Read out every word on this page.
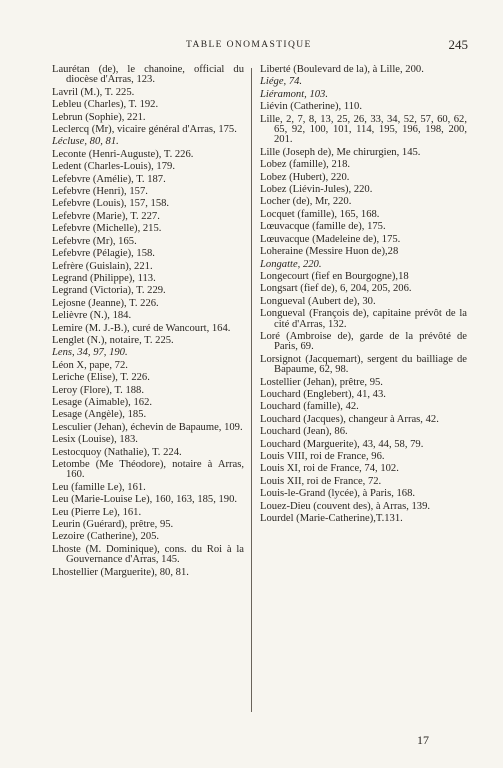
TABLE ONOMASTIQUE	245

Laurétan (de), le chanoine, official du diocèse d'Arras, 123.

Lavril (M.), T. 225.

Lebleu (Charles), T. 192.

Lebrun (Sophie), 221.

Leclercq (Mr), vicaire général d'Arras, 175.

Lécluse, 80, 81.

Leconte (Henri-Auguste), T. 226.

Ledent (Charles-Louis), 179.

Lefebvre (Amélie), T. 187.

Lefebvre (Henri), 157.

Lefebvre (Louis), 157, 158.

Lefebvre (Marie), T. 227.

Lefebvre (Michelle), 215.

Lefebvre (Mr), 165.

Lefebvre (Pélagie), 158.

Lefrère (Guislain), 221.

Legrand (Philippe), 113.

Legrand (Victoria), T. 229.

Lejosne (Jeanne), T. 226.

Lelièvre (N.), 184.

Lemire (M. J.-B.), curé de Wancourt, 164.

Lenglet (N.), notaire, T. 225.

Lens, 34, 97, 190.

Léon X, pape, 72.

Leriche (Elise), T. 226.

Leroy (Flore), T. 188.

Lesage (Aimable), 162.

Lesage (Angèle), 185.

Lesculier (Jehan), échevin de Bapaume, 109.

Lesix (Louise), 183.

Lestocquoy (Nathalie), T. 224.

Letombe (Me Théodore), notaire à Arras, 160.

Leu (famille Le), 161.

Leu (Marie-Louise Le), 160, 163, 185, 190.

Leu (Pierre Le), 161.

Leurin (Guérard), prêtre, 95.

Lezoire (Catherine), 205.

Lhoste (M. Dominique), cons. du Roi à la Gouvernance d'Arras, 145.

Lhostellier (Marguerite), 80, 81.

Liberté (Boulevard de la), à Lille, 200.

Liége, 74.

Liéramont, 103.

Liévin (Catherine), 110.

Lille, 2, 7, 8, 13, 25, 26, 33, 34, 52, 57, 60, 62, 65, 92, 100, 101, 114, 195, 196, 198, 200, 201.

Lille (Joseph de), Me chirurgien, 145.

Lobez (famille), 218.

Lobez (Hubert), 220.

Lobez (Liévin-Jules), 220.

Locher (de), Mr, 220.

Locquet (famille), 165, 168.

Lœuvacque (famille de), 175.

Lœuvacque (Madeleine de), 175.

Loheraine (Messire Huon de),28

Longatte, 220.

Longecourt (fief en Bourgogne),18

Longsart (fief de), 6, 204, 205, 206.

Longueval (Aubert de), 30.

Longueval (François de), capitaine prévôt de la cité d'Arras, 132.

Loré (Ambroise de), garde de la prévôté de Paris, 69.

Lorsignot (Jacquemart), sergent du bailliage de Bapaume, 62, 98.

Lostellier (Jehan), prêtre, 95.

Louchard (Englebert), 41, 43.

Louchard (famille), 42.

Louchard (Jacques), changeur à Arras, 42.

Louchard (Jean), 86.

Louchard (Marguerite), 43, 44, 58, 79.

Louis VIII, roi de France, 96.

Louis XI, roi de France, 74, 102.

Louis XII, roi de France, 72.

Louis-le-Grand (lycée), à Paris, 168.

Louez-Dieu (couvent des), à Arras, 139.

Lourdel (Marie-Catherine),T.131.

17
